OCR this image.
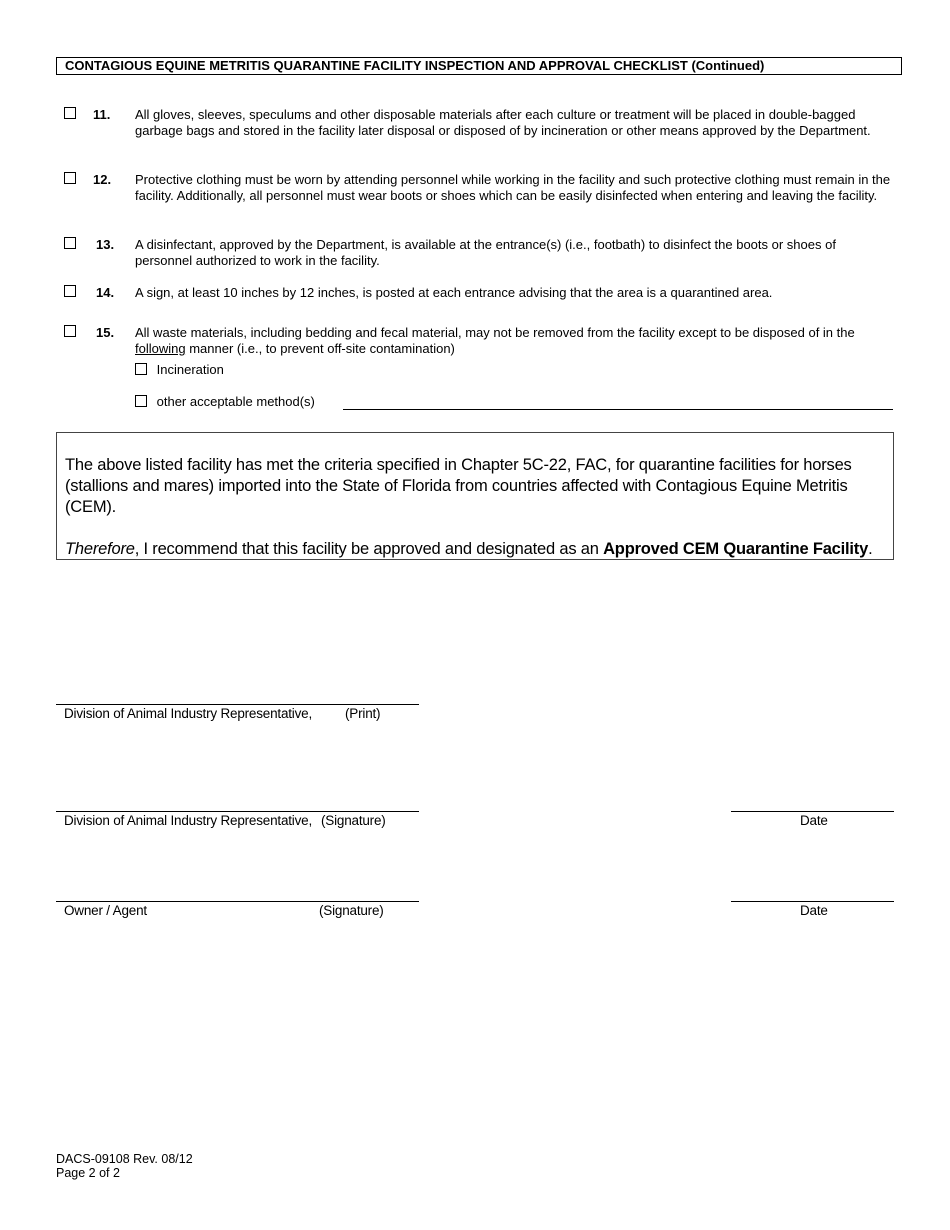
CONTAGIOUS EQUINE METRITIS QUARANTINE FACILITY INSPECTION AND APPROVAL CHECKLIST (Continued)
11. All gloves, sleeves, speculums and other disposable materials after each culture or treatment will be placed in double-bagged garbage bags and stored in the facility later disposal or disposed of by incineration or other means approved by the Department.
12. Protective clothing must be worn by attending personnel while working in the facility and such protective clothing must remain in the facility. Additionally, all personnel must wear boots or shoes which can be easily disinfected when entering and leaving the facility.
13. A disinfectant, approved by the Department, is available at the entrance(s) (i.e., footbath) to disinfect the boots or shoes of personnel authorized to work in the facility.
14. A sign, at least 10 inches by 12 inches, is posted at each entrance advising that the area is a quarantined area.
15. All waste materials, including bedding and fecal material, may not be removed from the facility except to be disposed of in the following manner (i.e., to prevent off-site contamination)
Incineration
other acceptable method(s)

The above listed facility has met the criteria specified in Chapter 5C-22, FAC, for quarantine facilities for horses (stallions and mares) imported into the State of Florida from countries affected with Contagious Equine Metritis (CEM).

Therefore, I recommend that this facility be approved and designated as an Approved CEM Quarantine Facility.

Division of Animal Industry Representative, (Print)
Division of Animal Industry Representative, (Signature)	Date
Owner / Agent	(Signature)	Date
DACS-09108 Rev. 08/12
Page 2 of 2
